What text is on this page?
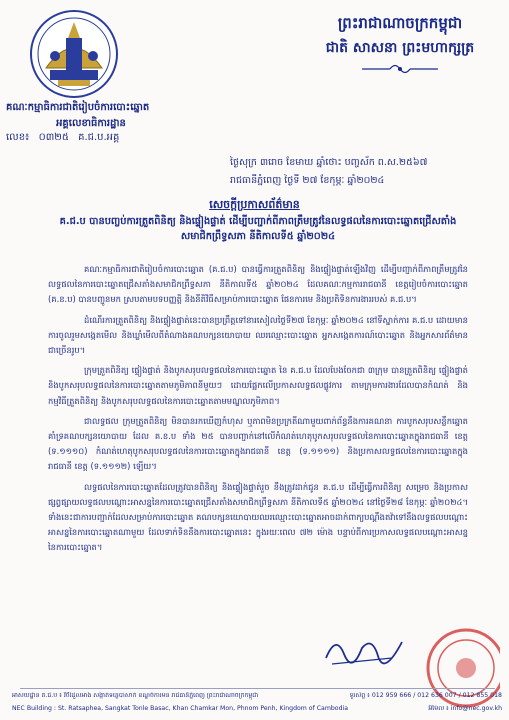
ព្រះរាជាណាចក្រកម្ពុជា
ជាតិ សាសនា ព្រះមហាក្សត្រ
គណៈកម្មាធិការជាតិរៀបចំការបោះឆ្នោត
អគ្គលេខាធិការដ្ឋាន
លេខ៖ ០៣២៥ គ.ជ.ប.អគ្គ
ថ្ងៃសុក្រ ៣រោច ខែមាឃ ឆ្នាំថោះ បញ្ចស័ក ព.ស.២៥៦៧
រាជធានីភ្នំពេញ ថ្ងៃទី ២៧ ខែកុម្ភៈ ឆ្នាំ២០២៤
សេចក្តីប្រកាសព័ត៌មាន
គ.ជ.ប បានបញ្ចប់ការត្រួតពិនិត្យ និងផ្ទៀងផ្ទាត់ ដើម្បីបញ្ជាក់ពីភាពត្រឹមត្រូវនៃលទ្ធផលនៃការបោះឆ្នោតជ្រើសតាំងសមាជិកព្រឹទ្ធសភា នីតិកាលទី៥ ឆ្នាំ២០២៤

គណៈកម្មាធិការជាតិរៀបចំការបោះឆ្នោត (គ.ជ.ប) បានធ្វើការត្រួតពិនិត្យ និងផ្ទៀងផ្ទាត់ឡើងវិញ ដើម្បីបញ្ជាក់ពីភាពត្រឹមត្រូវនៃលទ្ធផលនៃការបោះឆ្នោតជ្រើសតាំងសមាជិកព្រឹទ្ធសភា នីតិកាលទី៥ ឆ្នាំ២០២៤ ដែលគណៈកម្មការរាជធានី ខេត្តរៀបចំការបោះឆ្នោត (គ.ខ.ប) បានបញ្ជូនមក ស្របតាមបទបញ្ញត្តិ និងនីតិវិធីសម្រាប់ការបោះឆ្នោត ផែនការមេ និងប្រតិទិនការងាររបស់ គ.ជ.ប។

ដំណើរការត្រួតពិនិត្យ និងផ្ទៀងផ្ទាត់នេះបានប្រព្រឹត្តទៅនារសៀលថ្ងៃទី២៧ ខែកុម្ភៈ ឆ្នាំ២០២៤ នៅទីស្នាក់ការ គ.ជ.ប ដោយមានការចូលរួមសង្កេតមើល និងឃ្លាំមើលពីតំណាងគណបក្សនយោបាយ ឈរឈ្មោះបោះឆ្នោត អ្នកសង្កេតការណ៍បោះឆ្នោត និងអ្នកសារព័ត៌មានជាច្រើនរូប។

ក្រុមត្រួតពិនិត្យ ផ្ទៀងផ្ទាត់ និងបូកសរុបលទ្ធផលនៃការបោះឆ្នោត នៃ គ.ជ.ប ដែលបែងចែកជា ៣ក្រុម បានត្រួតពិនិត្យ ផ្ទៀងផ្ទាត់ និងបូកសរុបលទ្ធផលនៃការបោះឆ្នោតតាមភូមិភាពនីមួយៗ ដោយផ្អែកលើប្រកាសលទ្ធផលផ្លូវការ តាមក្រុមការងារដែលបានកំណត់ និងកម្មវិធីត្រួតពិនិត្យ និងបូកសរុបលទ្ធផលនៃការបោះឆ្នោតតាមមណ្ឌលភូមិភាព។

ជាលទ្ធផល ក្រុមត្រួតពិនិត្យ មិនបានរកឃើញកំហុស ឬភាពមិនប្រក្រតីណាមួយពាក់ព័ន្ធនឹងការគណនា ការបូកសរុបសន្លឹកឆ្នោតគាំទ្រគណបក្សនយោបាយ ដែល គ.ខ.ប ទាំង ២៥ បានបញ្ជាក់នៅលើកំណត់ហេតុបូកសរុបលទ្ធផលនៃការបោះឆ្នោតក្នុងរាជធានី ខេត្ត (ទ.១១១០) កំណត់ហេតុបូកសរុបលទ្ធផលនៃការបោះឆ្នោតក្នុងរាជធានី ខេត្ត (ទ.១១១១) និងប្រកាសលទ្ធផលនៃការបោះឆ្នោតក្នុងរាជធានី ខេត្ត (ទ.១១១២) ឡើយ។

លទ្ធផលនៃការបោះឆ្នោតដែលត្រូវបានពិនិត្យ និងផ្ទៀងផ្ទាត់រួច នឹងត្រូវដាក់ជូន គ.ជ.ប ដើម្បីធ្វើការពិនិត្យ សម្រេច និងប្រកាសផ្សព្វផ្សាយលទ្ធផលបណ្តោះអាសន្ននៃការបោះឆ្នោតជ្រើសតាំងសមាជិកព្រឹទ្ធសភា នីតិកាលទី៥ ឆ្នាំ២០២៤ នៅថ្ងៃទី២៨ ខែកុម្ភៈ ឆ្នាំ២០២៤។ ទាំងនេះជាការបញ្ជាក់ដែលសម្រាប់ការបោះឆ្នោត គណបក្សនយោបាយឈរឈ្មោះបោះឆ្នោតអាចដាក់ពាក្យបណ្តឹងតវ៉ាទៅនឹងលទ្ធផលបណ្តោះអាសន្ននៃការបោះឆ្នោតណាមួយ ដែលទាក់ទិននឹងការបោះឆ្នោតនេះ ក្នុងរយៈពេល ៧២ ម៉ោង បន្ទាប់ពីការប្រកាសលទ្ធផលបណ្តោះអាសន្ននៃការបោះឆ្នោត។

អាសយដ្ឋាន គ.ជ.ប ៖ វិថីរំដួលអាង សង្កាត់ទន្លេបាសាក់ ខណ្ឌចំការមន រាជធានីភ្នំពេញ ព្រះរាជាណាចក្រកម្ពុជា	ទូរស័ព្ទ ៖ 012 959 666 / 012 636 007 / 012 855 018
NEC Building : St. Ratsaphea, Sangkat Tonle Basac, Khan Chamkar Mon, Phnom Penh, Kingdom of Cambodia	អ៊ីម៉ែល ៖ info@nec.gov.kh
